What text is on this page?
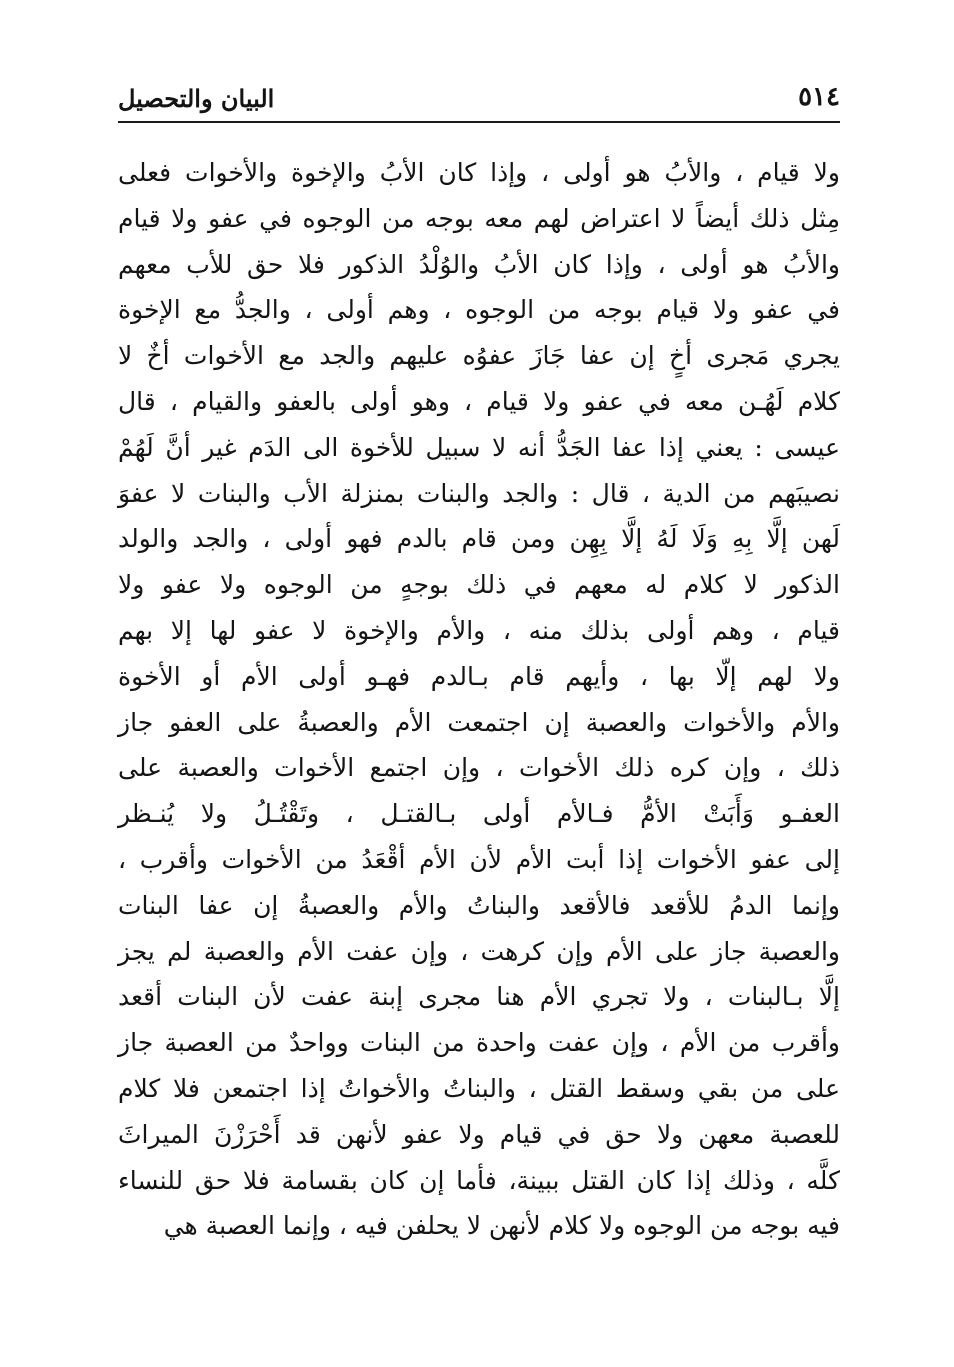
٥١٤
البيان والتحصيل
ولا قيام ، والأبُ هو أولى ، وإذا كان الأبُ والإخوة والأخوات فعلى
مِثل ذلك أيضاً لا اعتراض لهم معه بوجه من الوجوه في عفو ولا قيام
والأبُ هو أولى ، وإذا كان الأبُ والوُلْدُ الذكور فلا حق للأب معهم
في عفو ولا قيام بوجه من الوجوه ، وهم أولى ، والجدُّ مع الإخوة
يجري مَجرى أخٍ إن عفا جَازَ عفوُه عليهم والجد مع الأخوات أخٌ لا
كلام لَهُـن معه في عفو ولا قيام ، وهو أولى بالعفو والقيام ، قال
عيسى : يعني إذا عفا الجَدُّ أنه لا سبيل للأخوة الى الدَم غير أنَّ لَهُمْ
نصيبَهم من الدية ، قال : والجد والبنات بمنزلة الأب والبنات لا عفوَ
لَهن إلَّا بِهِ وَلَا لَهُ إلَّا بِهِن ومن قام بالدم فهو أولى ، والجد والولد
الذكور لا كلام له معهم في ذلك بوجهٍ من الوجوه ولا عفو ولا
قيام ، وهم أولى بذلك منه ، والأم والإخوة لا عفو لها إلا بهم
ولا لهم إلّا بها ، وأيهم قام بـالدم فهـو أولى الأم أو الأخوة
والأم والأخوات والعصبة إن اجتمعت الأم والعصبةُ على العفو جاز
ذلك ، وإن كره ذلك الأخوات ، وإن اجتمع الأخوات والعصبة على
العفـو وَأَبَتْ الأمُّ فـالأم أولى بـالقتـل ، وتَقْتُـلُ ولا يُنـظر
إلى عفو الأخوات إذا أبت الأم لأن الأم أقْعَدُ من الأخوات وأقرب ،
وإنما الدمُ للأقعد فالأقعد والبناتُ والأم والعصبةُ إن عفا البنات
والعصبة جاز على الأم وإن كرهت ، وإن عفت الأم والعصبة لم يجز
إلَّا بـالبنات ، ولا تجري الأم هنا مجرى إبنة عفت لأن البنات أقعد
وأقرب من الأم ، وإن عفت واحدة من البنات وواحدٌ من العصبة جاز
على من بقي وسقط القتل ، والبناتُ والأخواتُ إذا اجتمعن فلا كلام
للعصبة معهن ولا حق في قيام ولا عفو لأنهن قد أَحْرَزْنَ الميراثَ
كلَّه ، وذلك إذا كان القتل ببينة، فأما إن كان بقسامة فلا حق للنساء
فيه بوجه من الوجوه ولا كلام لأنهن لا يحلفن فيه ، وإنما العصبة هي
